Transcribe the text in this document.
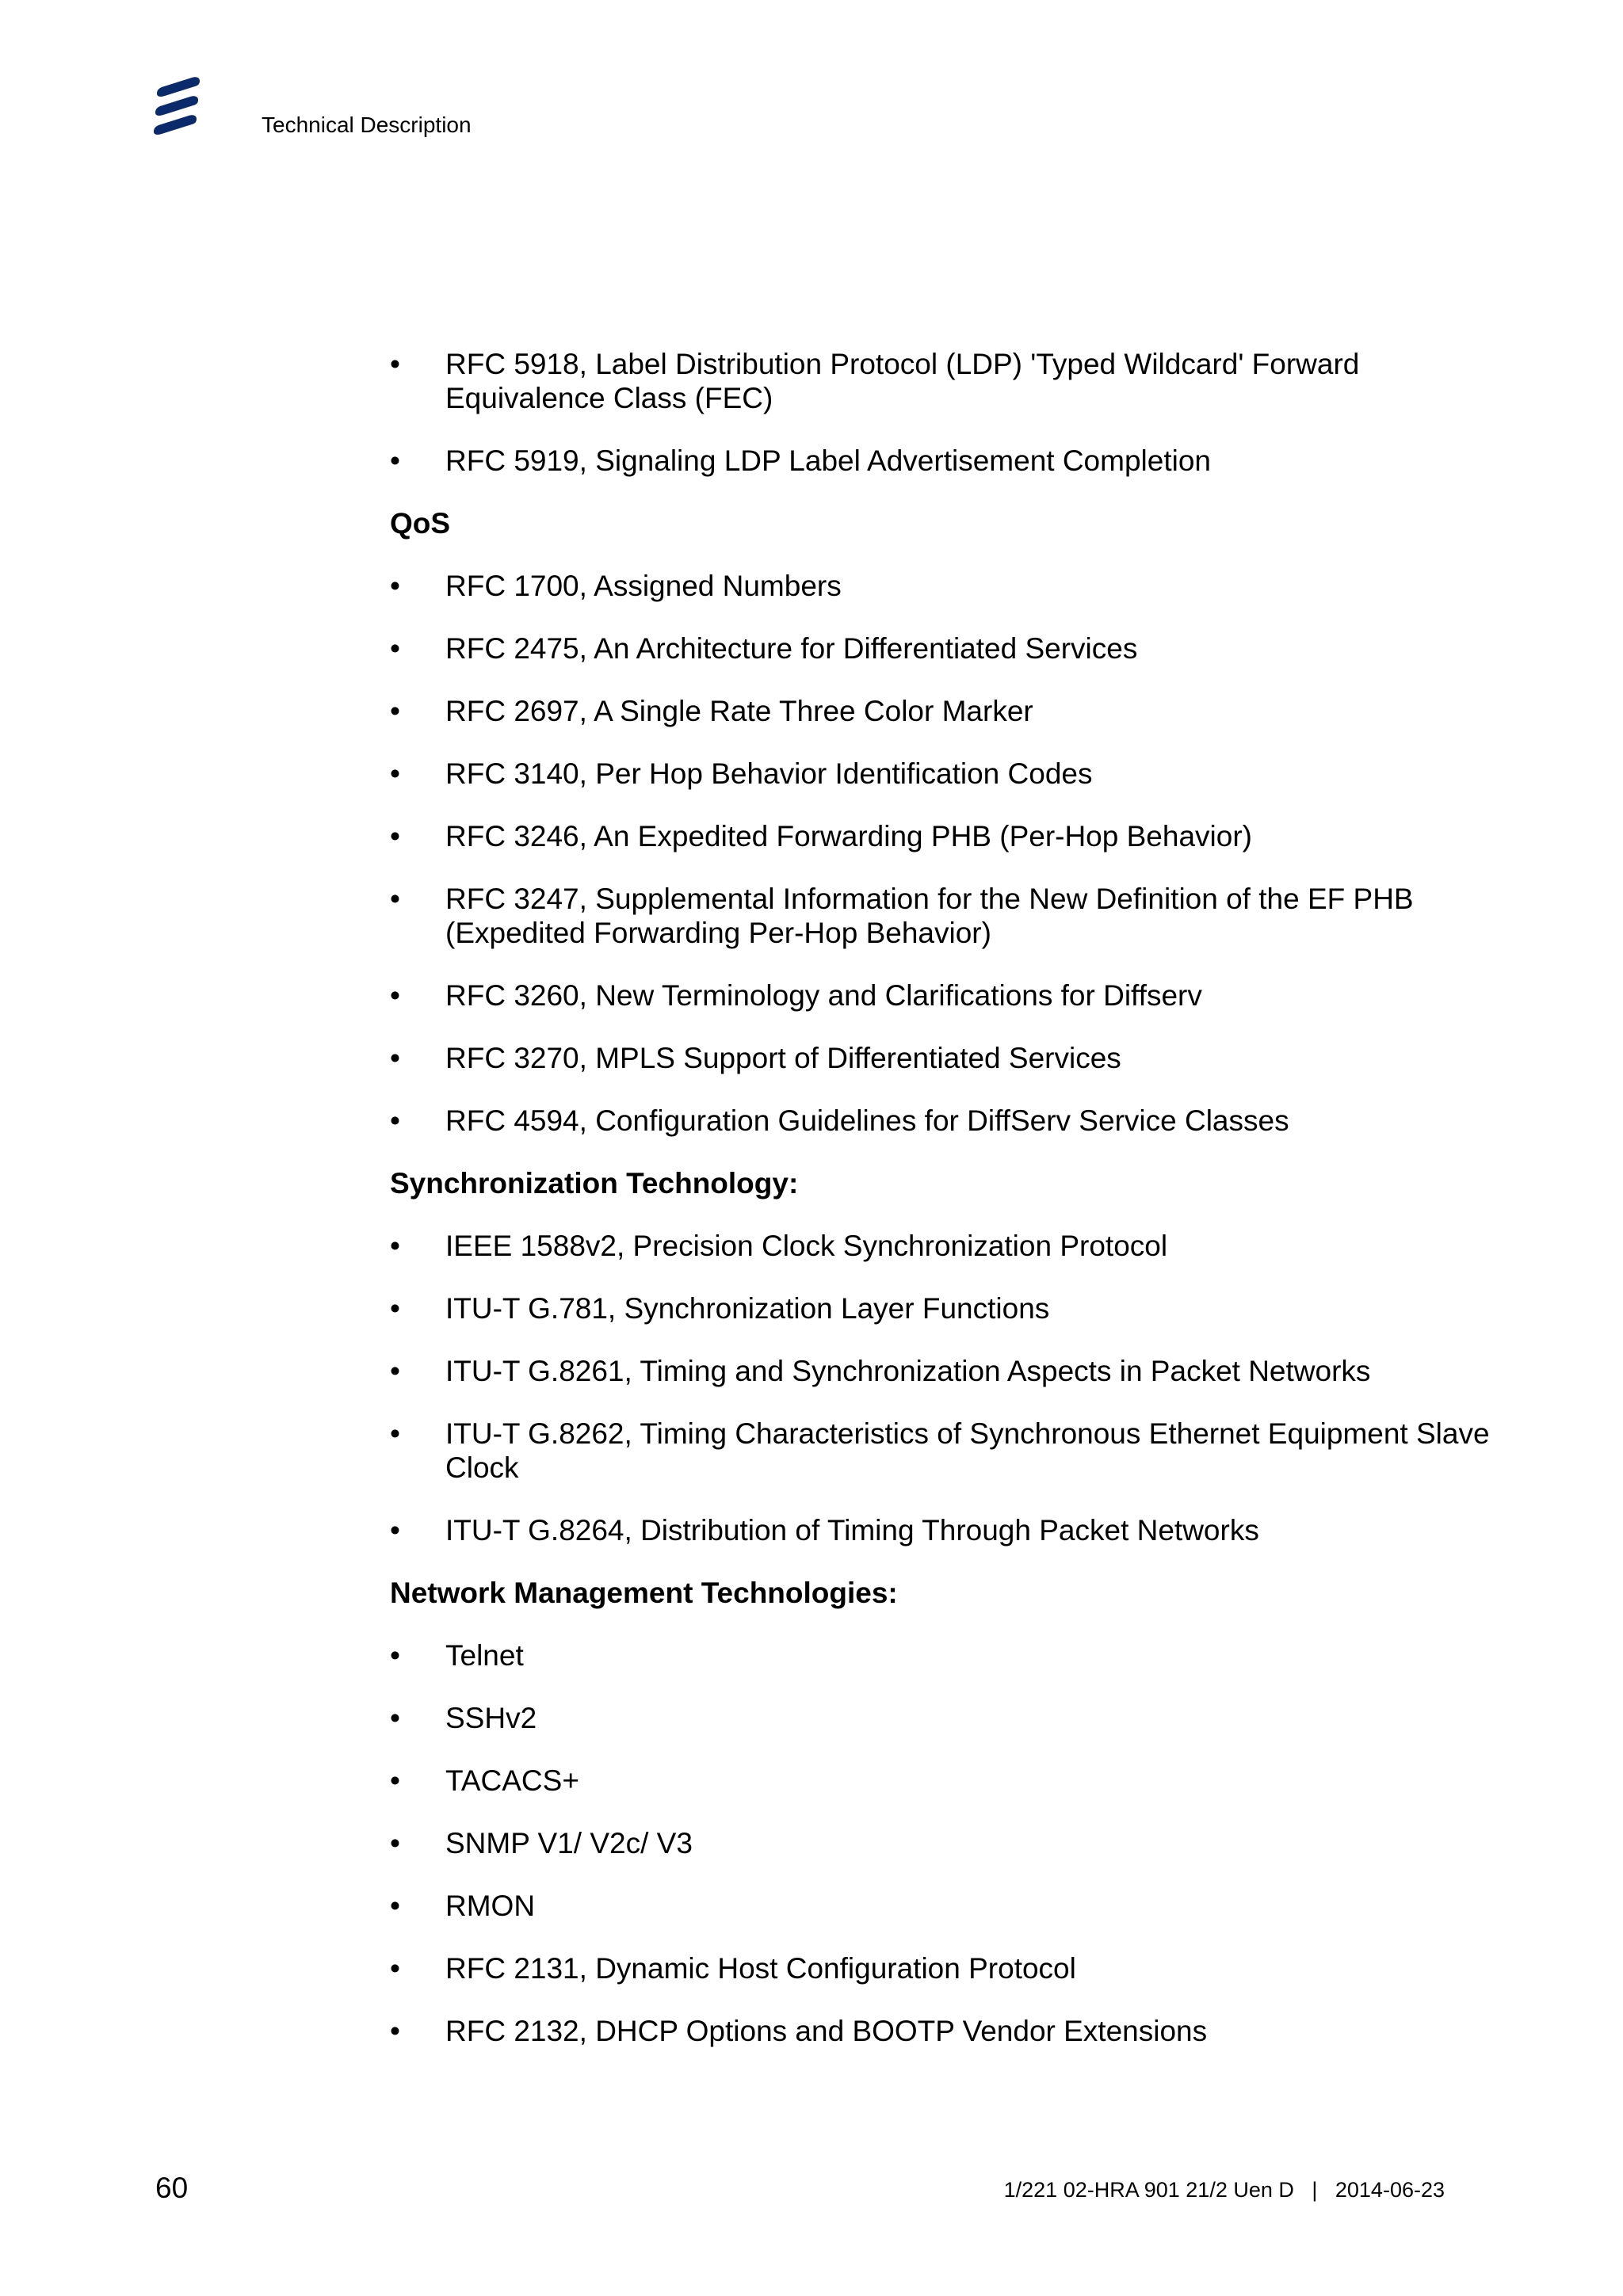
Technical Description
•	RFC 5918, Label Distribution Protocol (LDP) 'Typed Wildcard' Forward Equivalence Class (FEC)
•	RFC 5919, Signaling LDP Label Advertisement Completion
QoS
•	RFC 1700, Assigned Numbers
•	RFC 2475, An Architecture for Differentiated Services
•	RFC 2697, A Single Rate Three Color Marker
•	RFC 3140, Per Hop Behavior Identification Codes
•	RFC 3246, An Expedited Forwarding PHB (Per-Hop Behavior)
•	RFC 3247, Supplemental Information for the New Definition of the EF PHB (Expedited Forwarding Per-Hop Behavior)
•	RFC 3260, New Terminology and Clarifications for Diffserv
•	RFC 3270, MPLS Support of Differentiated Services
•	RFC 4594, Configuration Guidelines for DiffServ Service Classes
Synchronization Technology:
•	IEEE 1588v2, Precision Clock Synchronization Protocol
•	ITU-T G.781, Synchronization Layer Functions
•	ITU-T G.8261, Timing and Synchronization Aspects in Packet Networks
•	ITU-T G.8262, Timing Characteristics of Synchronous Ethernet Equipment Slave Clock
•	ITU-T G.8264, Distribution of Timing Through Packet Networks
Network Management Technologies:
•	Telnet
•	SSHv2
•	TACACS+
•	SNMP V1/ V2c/ V3
•	RMON
•	RFC 2131, Dynamic Host Configuration Protocol
•	RFC 2132, DHCP Options and BOOTP Vendor Extensions
60	1/221 02-HRA 901 21/2 Uen D   |   2014-06-23
